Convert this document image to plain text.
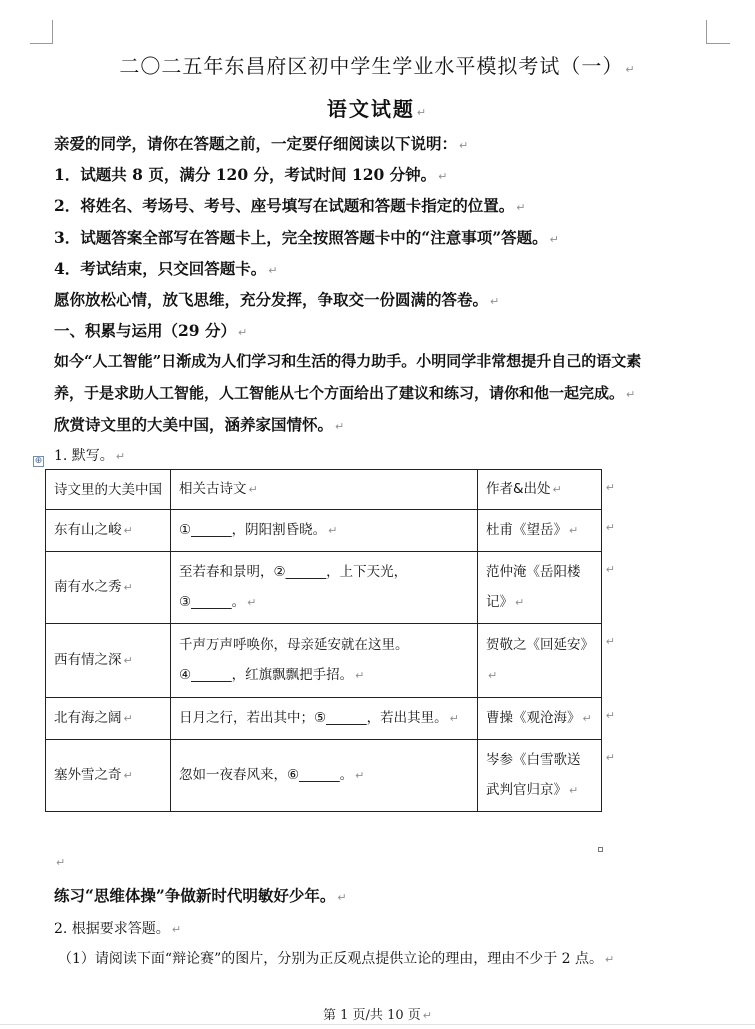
二〇二五年东昌府区初中学生学业水平模拟考试（一） ↵
语文试题 ↵
亲爱的同学，请你在答题之前，一定要仔细阅读以下说明： ↵
1．试题共 8 页，满分 120 分，考试时间 120 分钟。 ↵
2．将姓名、考场号、考号、座号填写在试题和答题卡指定的位置。 ↵
3．试题答案全部写在答题卡上，完全按照答题卡中的“注意事项”答题。 ↵
4．考试结束，只交回答题卡。 ↵
愿你放松心情，放飞思维，充分发挥，争取交一份圆满的答卷。 ↵
一、积累与运用（29 分） ↵
如今“人工智能”日渐成为人们学习和生活的得力助手。小明同学非常想提升自己的语文素
养，于是求助人工智能，人工智能从七个方面给出了建议和练习，请你和他一起完成。 ↵
欣赏诗文里的大美中国，涵养家国情怀。 ↵
1. 默写。 ↵
⊕
诗文里的大美中国	相关古诗文 ↵	作者&出处 ↵ ↵

东有山之峻 ↵	①______，阴阳割昏晓。 ↵	杜甫《望岳》 ↵ ↵

南有水之秀 ↵	至若春和景明，②______，上下天光，③______。 ↵	范仲淹《岳阳楼记》 ↵
↵

西有情之深 ↵	千声万声呼唤你，母亲延安就在这里。④______，红旗飘飘把手招。 ↵	贺敬之《回延安》↵
↵

北有海之阔 ↵	日月之行，若出其中；⑤______，若出其里。 ↵	曹操《观沧海》 ↵ ↵

塞外雪之奇 ↵	忽如一夜春风来，⑥______。 ↵	岑参《白雪歌送武判官归京》 ↵
↵
↵
练习“思维体操”争做新时代明敏好少年。 ↵
2. 根据要求答题。 ↵
（1）请阅读下面“辩论赛”的图片，分别为正反观点提供立论的理由，理由不少于 2 点。 ↵
第 1 页/共 10 页 ↵
